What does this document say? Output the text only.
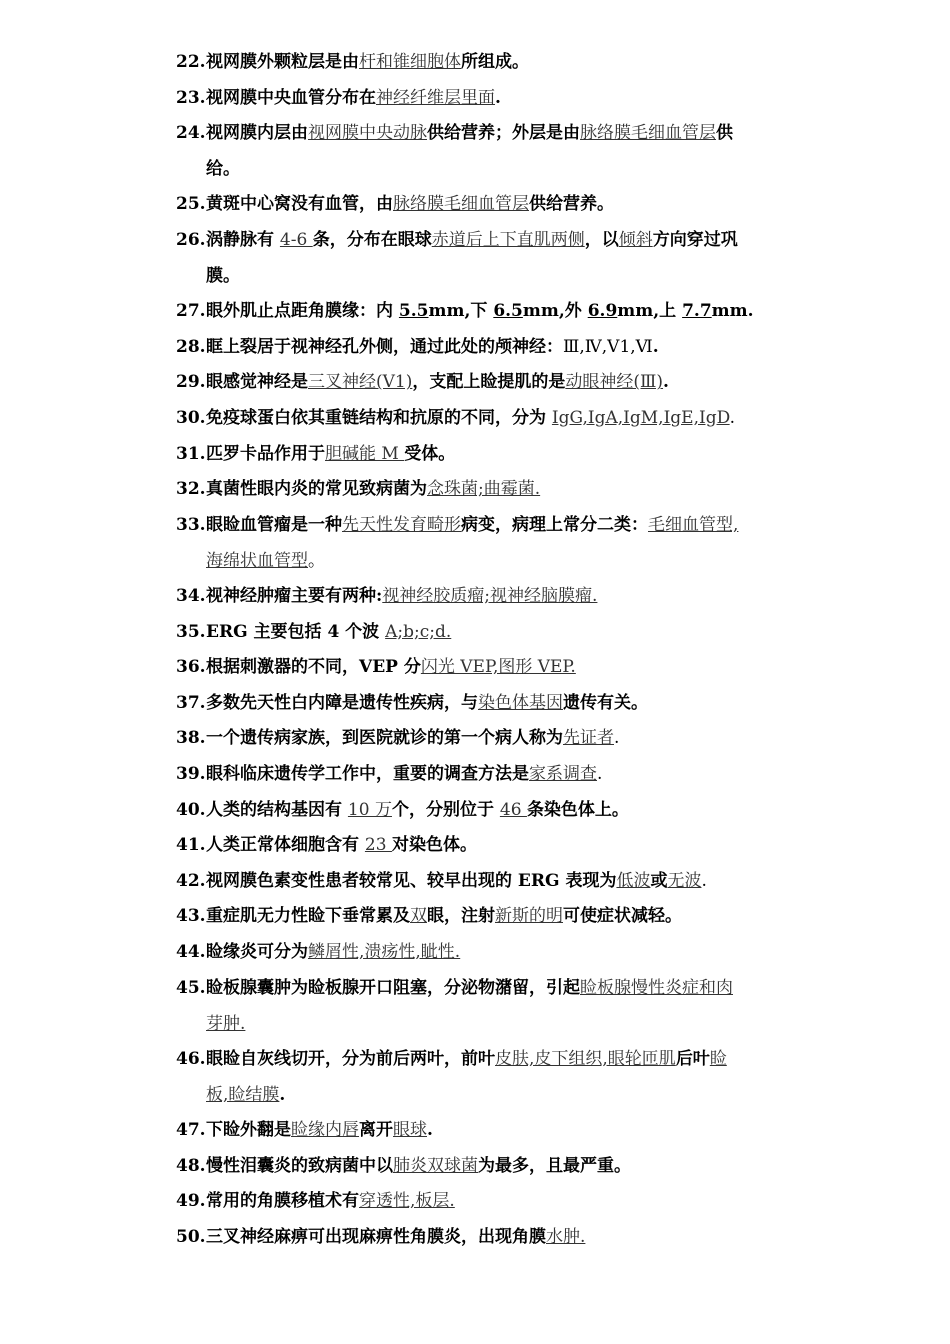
22. 视网膜外颗粒层是由杆和锥细胞体所组成。
23. 视网膜中央血管分布在神经纤维层里面.
24. 视网膜内层由视网膜中央动脉供给营养；外层是由脉络膜毛细血管层供
给。
25. 黄斑中心窝没有血管，由脉络膜毛细血管层供给营养。
26. 涡静脉有 4-6 条，分布在眼球赤道后上下直肌两侧，以倾斜方向穿过巩
膜。
27. 眼外肌止点距角膜缘：内 5.5mm,下 6.5mm,外 6.9mm,上 7.7mm.
28. 眶上裂居于视神经孔外侧，通过此处的颅神经：Ⅲ,Ⅳ,Ⅴ1,Ⅵ.
29. 眼感觉神经是三叉神经(Ⅴ1)，支配上睑提肌的是动眼神经(Ⅲ).
30. 免疫球蛋白依其重链结构和抗原的不同，分为 IgG,IgA,IgM,IgE,IgD.
31. 匹罗卡品作用于胆碱能 M 受体。
32. 真菌性眼内炎的常见致病菌为念珠菌;曲霉菌.
33. 眼睑血管瘤是一种先天性发育畸形病变，病理上常分二类：毛细血管型,
海绵状血管型。
34. 视神经肿瘤主要有两种:视神经胶质瘤;视神经脑膜瘤.
35. ERG 主要包括 4 个波 A;b;c;d.
36. 根据刺激器的不同，VEP 分闪光 VEP,图形 VEP.
37. 多数先天性白内障是遗传性疾病，与染色体基因遗传有关。
38. 一个遗传病家族，到医院就诊的第一个病人称为先证者.
39. 眼科临床遗传学工作中，重要的调查方法是家系调查.
40. 人类的结构基因有 10 万个，分别位于 46 条染色体上。
41. 人类正常体细胞含有 23 对染色体。
42. 视网膜色素变性患者较常见、较早出现的 ERG 表现为低波或无波.
43. 重症肌无力性睑下垂常累及双眼，注射新斯的明可使症状减轻。
44. 睑缘炎可分为鳞屑性,溃疡性,眦性.
45. 睑板腺囊肿为睑板腺开口阻塞，分泌物潴留，引起睑板腺慢性炎症和肉
芽肿.
46. 眼睑自灰线切开，分为前后两叶，前叶皮肤,皮下组织,眼轮匝肌后叶睑
板,睑结膜.
47. 下睑外翻是睑缘内唇离开眼球.
48. 慢性泪囊炎的致病菌中以肺炎双球菌为最多，且最严重。
49. 常用的角膜移植术有穿透性,板层.
50. 三叉神经麻痹可出现麻痹性角膜炎，出现角膜水肿.
